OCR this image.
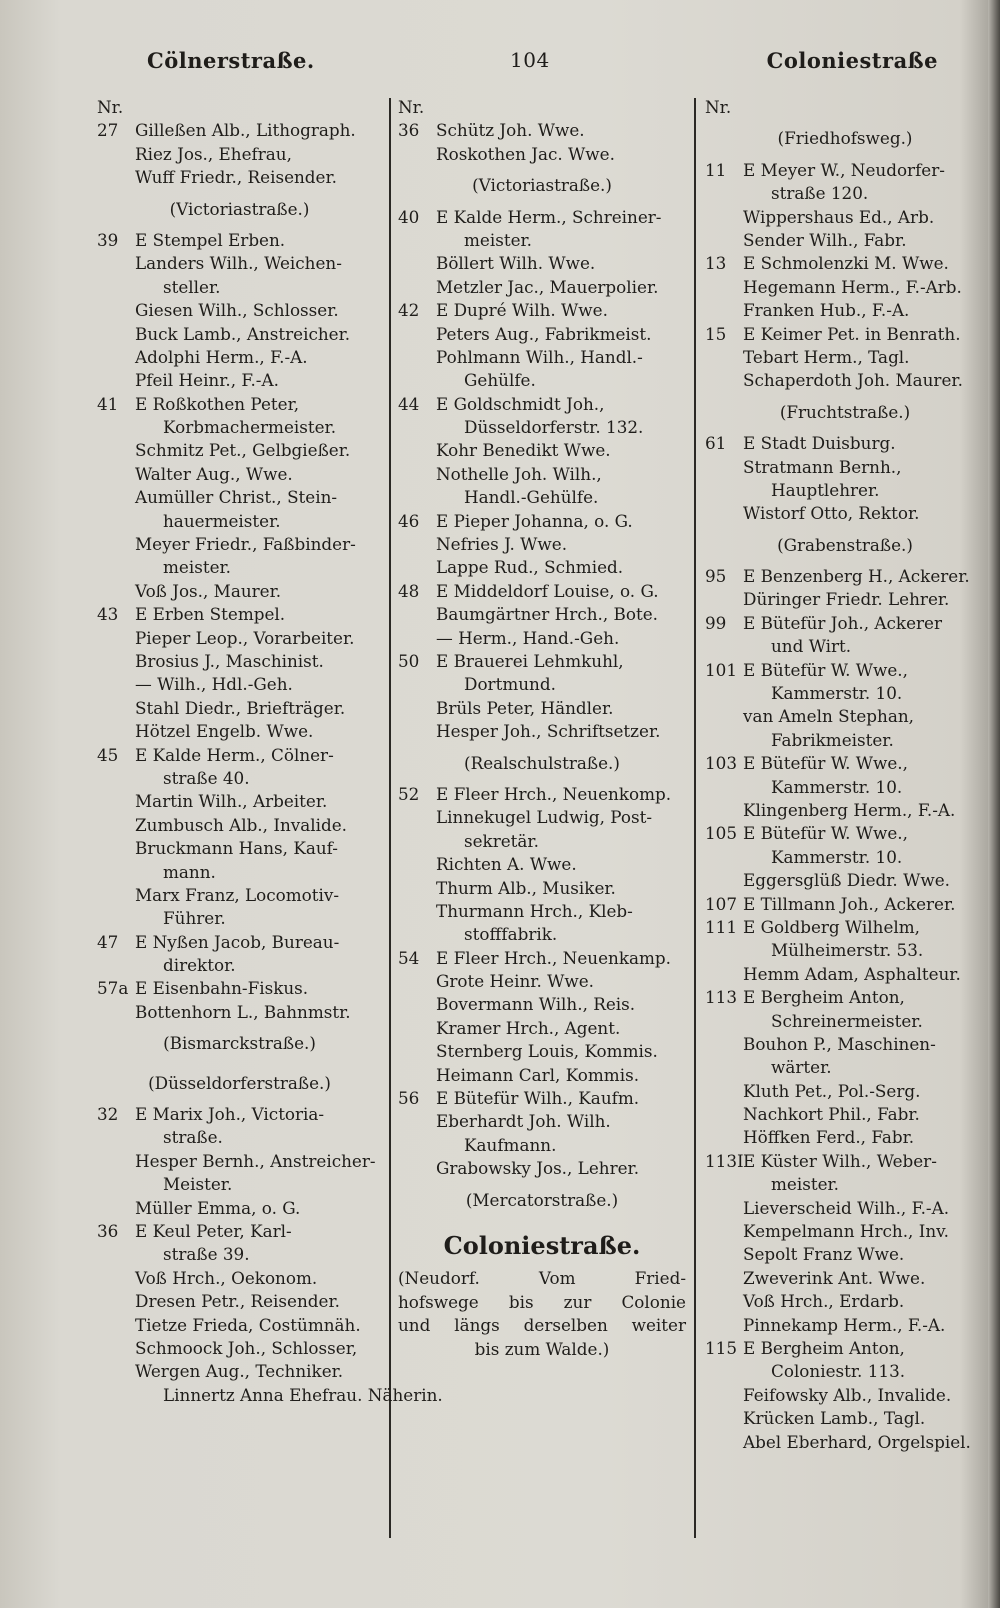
Cölnerstraße.	104	Coloniestraße
Nr.
27 Gilleßen Alb., Lithograph.
Riez Jos., Ehefrau,
Wuff Friedr., Reisender.
(Victoriastraße.)
39 E Stempel Erben.
Landers Wilh., Weichen-
steller.
Giesen Wilh., Schlosser.
Buck Lamb., Anstreicher.
Adolphi Herm., F.-A.
Pfeil Heinr., F.-A.
41 E Roßkothen Peter,
Korbmachermeister.
Schmitz Pet., Gelbgießer.
Walter Aug., Wwe.
Aumüller Christ., Stein-
hauermeister.
Meyer Friedr., Faßbinder-
meister.
Voß Jos., Maurer.
43 E Erben Stempel.
Pieper Leop., Vorarbeiter.
Brosius J., Maschinist.
— Wilh., Hdl.-Geh.
Stahl Diedr., Briefträger.
Hötzel Engelb. Wwe.
45 E Kalde Herm., Cölner-
straße 40.
Martin Wilh., Arbeiter.
Zumbusch Alb., Invalide.
Bruckmann Hans, Kauf-
mann.
Marx Franz, Locomotiv-
Führer.
47 E Nyßen Jacob, Bureau-
direktor.
57a E Eisenbahn-Fiskus.
Bottenhorn L., Bahnmstr.
(Bismarckstraße.)
(Düsseldorferstraße.)
32 E Marix Joh., Victoria-
straße.
Hesper Bernh., Anstreicher-
Meister.
Müller Emma, o. G.
36 E Keul Peter, Karl-
straße 39.
Voß Hrch., Oekonom.
Dresen Petr., Reisender.
Tietze Frieda, Costümnäh.
Schmoock Joh., Schlosser,
Wergen Aug., Techniker.
Linnertz Anna Ehefrau. Näherin.
Nr.
36 Schütz Joh. Wwe.
Roskothen Jac. Wwe.
(Victoriastraße.)
40 E Kalde Herm., Schreiner-
meister.
Böllert Wilh. Wwe.
Metzler Jac., Mauerpolier.
42 E Dupré Wilh. Wwe.
Peters Aug., Fabrikmeist.
Pohlmann Wilh., Handl.-
Gehülfe.
44 E Goldschmidt Joh.,
Düsseldorferstr. 132.
Kohr Benedikt Wwe.
Nothelle Joh. Wilh.,
Handl.-Gehülfe.
46 E Pieper Johanna, o. G.
Nefries J. Wwe.
Lappe Rud., Schmied.
48 E Middeldorf Louise, o. G.
Baumgärtner Hrch., Bote.
— Herm., Hand.-Geh.
50 E Brauerei Lehmkuhl,
Dortmund.
Brüls Peter, Händler.
Hesper Joh., Schriftsetzer.
(Realschulstraße.)
52 E Fleer Hrch., Neuenkomp.
Linnekugel Ludwig, Post-
sekretär.
Richten A. Wwe.
Thurm Alb., Musiker.
Thurmann Hrch., Kleb-
stofffabrik.
54 E Fleer Hrch., Neuenkamp.
Grote Heinr. Wwe.
Bovermann Wilh., Reis.
Kramer Hrch., Agent.
Sternberg Louis, Kommis.
Heimann Carl, Kommis.
56 E Bütefür Wilh., Kaufm.
Eberhardt Joh. Wilh.
Kaufmann.
Grabowsky Jos., Lehrer.
(Mercatorstraße.)
Coloniestraße.
(Neudorf. Vom Fried-
hofswege bis zur Colonie
und längs derselben weiter
bis zum Walde.)
Nr.
(Friedhofsweg.)
11 E Meyer W., Neudorfer-
straße 120.
Wippershaus Ed., Arb.
Sender Wilh., Fabr.
13 E Schmolenzki M. Wwe.
Hegemann Herm., F.-Arb.
Franken Hub., F.-A.
15 E Keimer Pet. in Benrath.
Tebart Herm., Tagl.
Schaperdoth Joh. Maurer.
(Fruchtstraße.)
61 E Stadt Duisburg.
Stratmann Bernh.,
Hauptlehrer.
Wistorf Otto, Rektor.
(Grabenstraße.)
95 E Benzenberg H., Ackerer.
Düringer Friedr. Lehrer.
99 E Bütefür Joh., Ackerer
und Wirt.
101 E Bütefür W. Wwe.,
Kammerstr. 10.
van Ameln Stephan,
Fabrikmeister.
103 E Bütefür W. Wwe.,
Kammerstr. 10.
Klingenberg Herm., F.-A.
105 E Bütefür W. Wwe.,
Kammerstr. 10.
Eggersglüß Diedr. Wwe.
107 E Tillmann Joh., Ackerer.
111 E Goldberg Wilhelm,
Mülheimerstr. 53.
Hemm Adam, Asphalteur.
113 E Bergheim Anton,
Schreinermeister.
Bouhon P., Maschinen-
wärter.
Kluth Pet., Pol.-Serg.
Nachkort Phil., Fabr.
Höffken Ferd., Fabr.
113IE Küster Wilh., Weber-
meister.
Lieverscheid Wilh., F.-A.
Kempelmann Hrch., Inv.
Sepolt Franz Wwe.
Zweverink Ant. Wwe.
Voß Hrch., Erdarb.
Pinnekamp Herm., F.-A.
115 E Bergheim Anton,
Coloniestr. 113.
Feifowsky Alb., Invalide.
Krücken Lamb., Tagl.
Abel Eberhard, Orgelspiel.
